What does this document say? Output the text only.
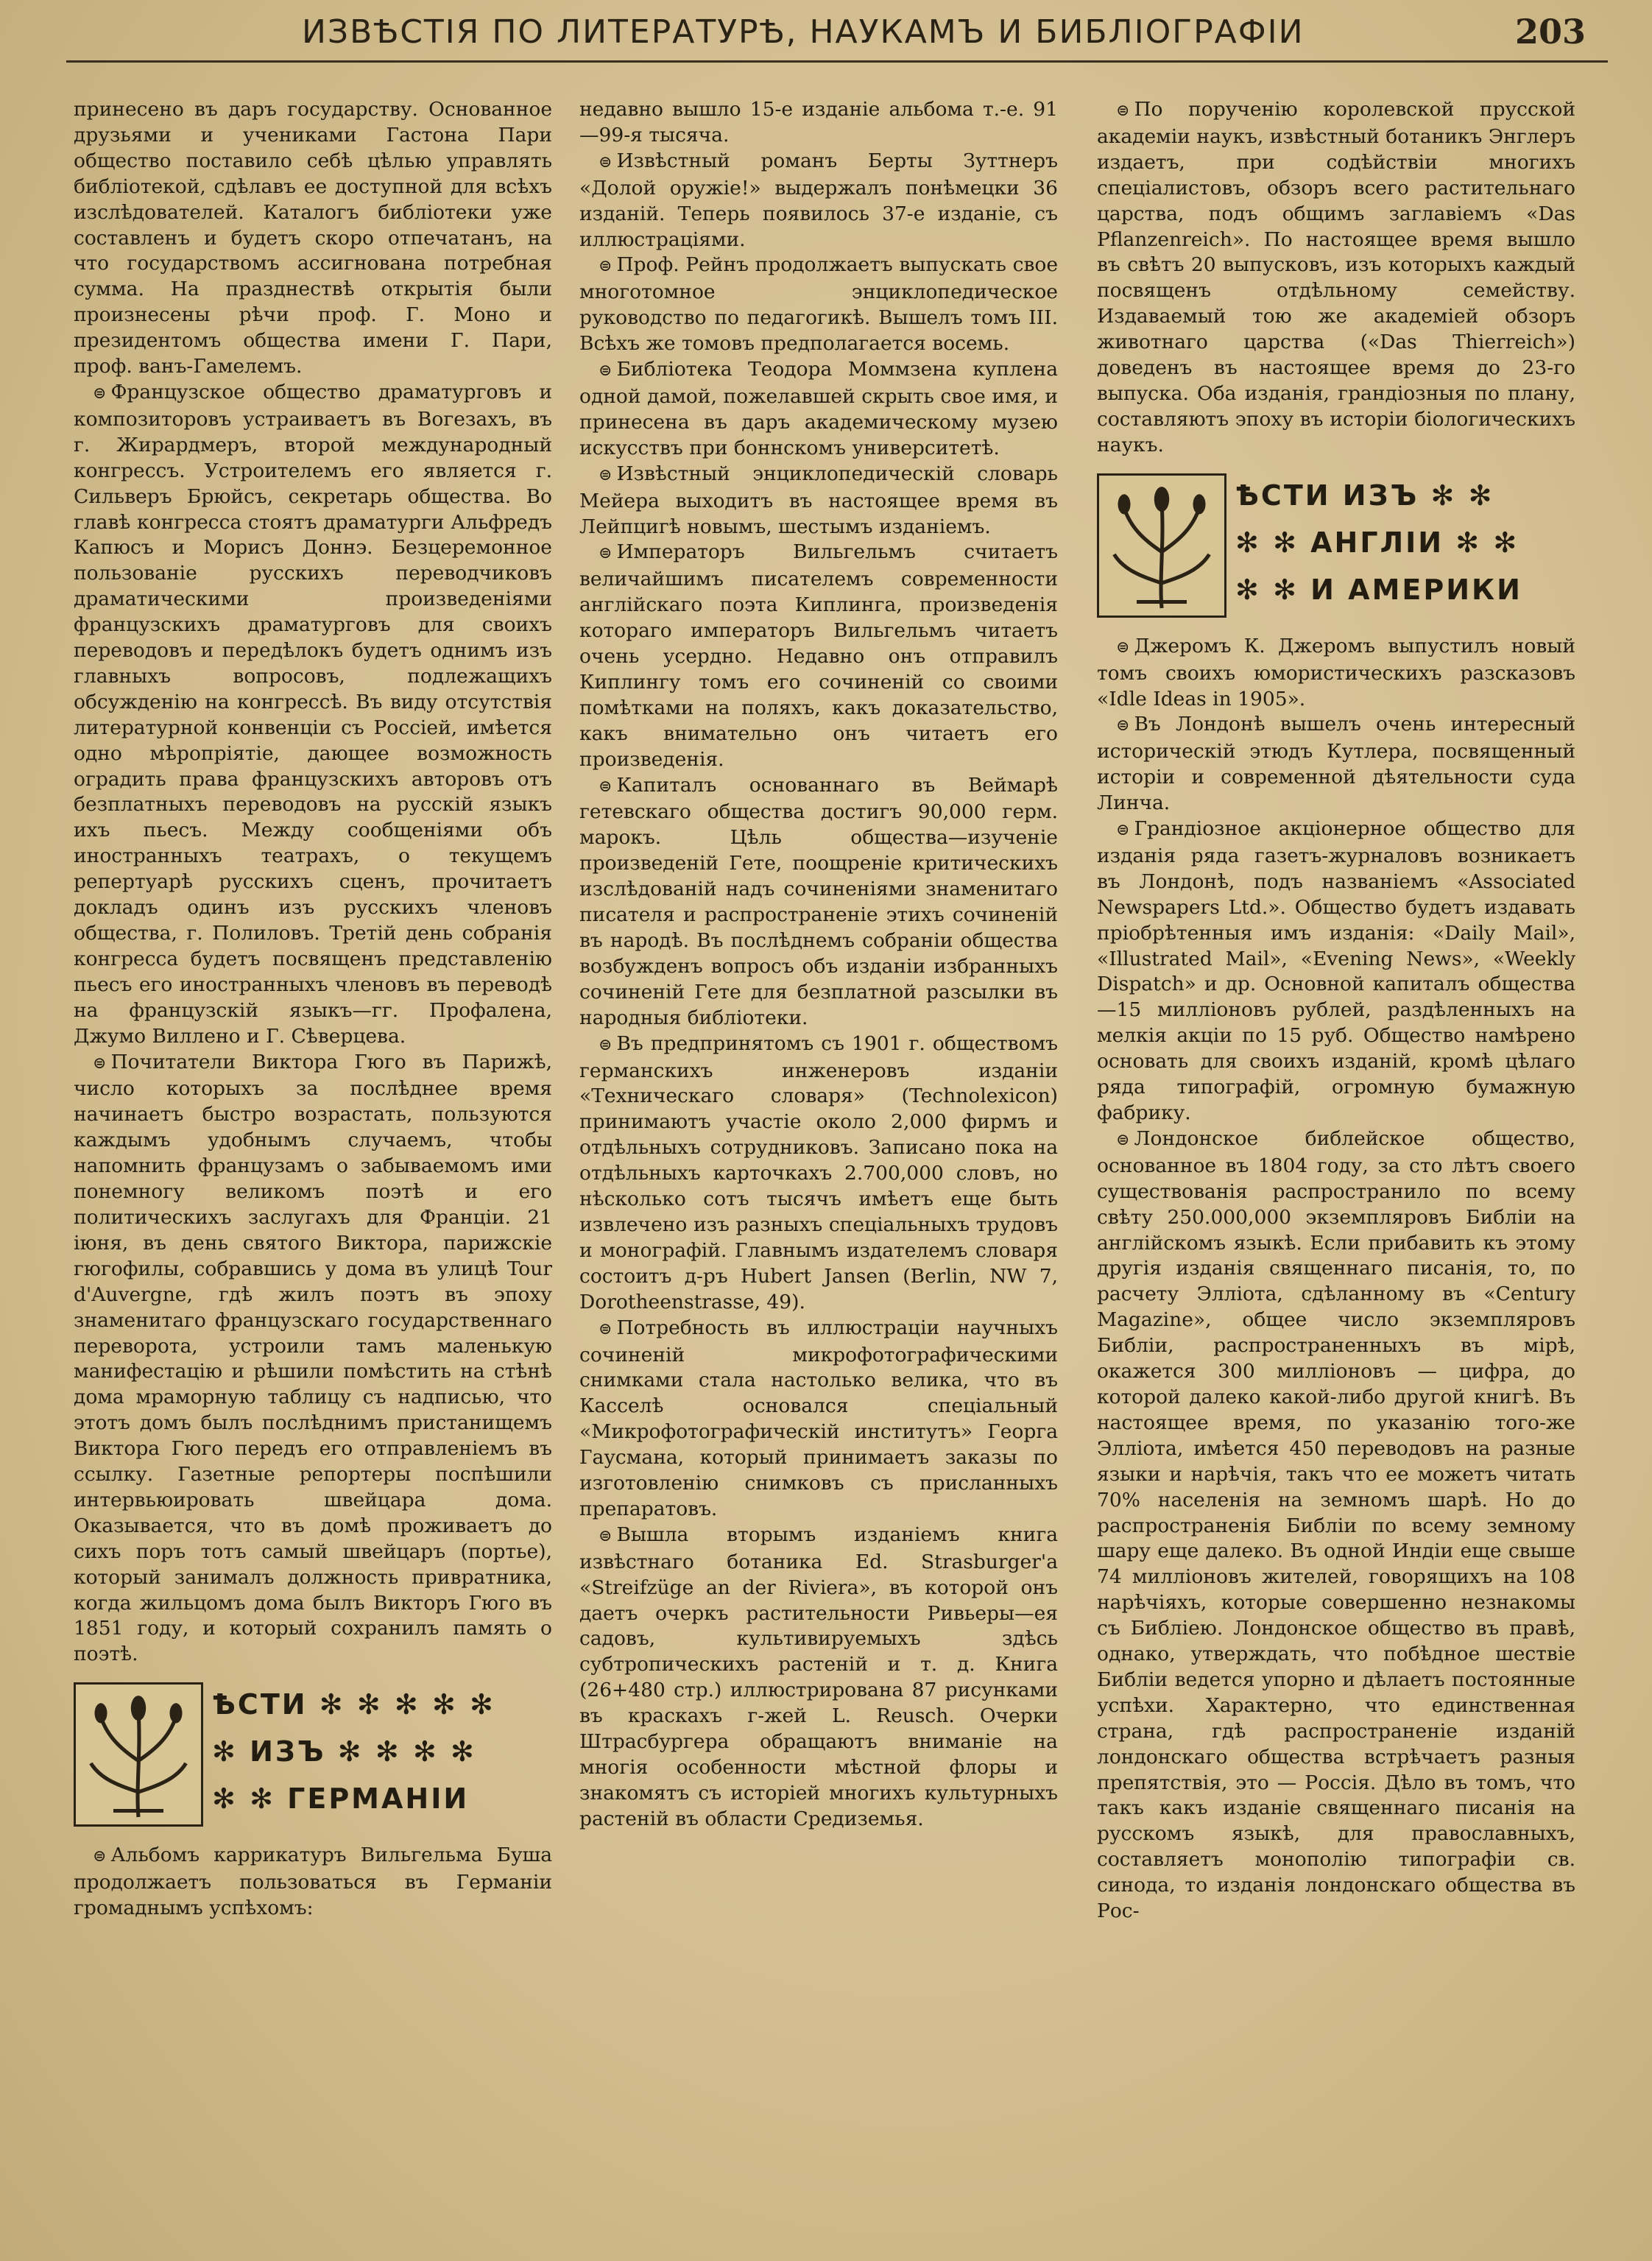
ИЗВѢСТІЯ ПО ЛИТЕРАТУРѢ, НАУКАМЪ И БИБЛІОГРАФІИ	203

принесено въ даръ государству. Основанное друзьями и учениками Гастона Пари общество поставило себѣ цѣлью управлять библіотекой, сдѣлавъ ее доступной для всѣхъ изслѣдователей. Каталогъ библіотеки уже составленъ и будетъ скоро отпечатанъ, на что государствомъ ассигнована потребная сумма. На празднествѣ открытія были произнесены рѣчи проф. Г. Моно и президентомъ общества имени Г. Пари, проф. ванъ-Гамелемъ.

⊜ Французское общество драматурговъ и композиторовъ устраиваетъ въ Вогезахъ, въ г. Жирардмеръ, второй международный конгрессъ. Устроителемъ его является г. Сильверъ Брюйсъ, секретарь общества. Во главѣ конгресса стоятъ драматурги Альфредъ Капюсъ и Морисъ Доннэ. Безцеремонное пользованіе русскихъ переводчиковъ драматическими произведеніями французскихъ драматурговъ для своихъ переводовъ и передѣлокъ будетъ однимъ изъ главныхъ вопросовъ, подлежащихъ обсужденію на конгрессѣ. Въ виду отсутствія литературной конвенціи съ Россіей, имѣется одно мѣропріятіе, дающее возможность оградить права французскихъ авторовъ отъ безплатныхъ переводовъ на русскій языкъ ихъ пьесъ. Между сообщеніями объ иностранныхъ театрахъ, о текущемъ репертуарѣ русскихъ сценъ, прочитаетъ докладъ одинъ изъ русскихъ членовъ общества, г. Полиловъ. Третій день собранія конгресса будетъ посвященъ представленію пьесъ его иностранныхъ членовъ въ переводѣ на французскій языкъ—гг. Профалена, Джумо Виллено и Г. Сѣверцева.

⊜ Почитатели Виктора Гюго въ Парижѣ, число которыхъ за послѣднее время начинаетъ быстро возрастать, пользуются каждымъ удобнымъ случаемъ, чтобы напомнить французамъ о забываемомъ ими понемногу великомъ поэтѣ и его политическихъ заслугахъ для Франціи. 21 іюня, въ день святого Виктора, парижскіе гюгофилы, собравшись у дома въ улицѣ Tour d'Auvergne, гдѣ жилъ поэтъ въ эпоху знаменитаго французскаго государственнаго переворота, устроили тамъ маленькую манифестацію и рѣшили помѣстить на стѣнѣ дома мраморную таблицу съ надписью, что этотъ домъ былъ послѣднимъ пристанищемъ Виктора Гюго передъ его отправленіемъ въ ссылку. Газетные репортеры поспѣшили интервьюировать швейцара дома. Оказывается, что въ домѣ проживаетъ до сихъ поръ тотъ самый швейцаръ (портье), который занималъ должность привратника, когда жильцомъ дома былъ Викторъ Гюго въ 1851 году, и который сохранилъ память о поэтѣ.

ѢСТИ ✻ ✻ ✻ ✻ ✻
✻ ИЗЪ ✻ ✻ ✻ ✻
✻ ✻ ГЕРМАНІИ

⊜ Альбомъ каррикатуръ Вильгельма Буша продолжаетъ пользоваться въ Германіи громаднымъ успѣхомъ:

недавно вышло 15-е изданіе альбома т.-е. 91—99-я тысяча.

⊜ Извѣстный романъ Берты Зуттнеръ «Долой оружіе!» выдержалъ понѣмецки 36 изданій. Теперь появилось 37-е изданіе, съ иллюстраціями.

⊜ Проф. Рейнъ продолжаетъ выпускать свое многотомное энциклопедическое руководство по педагогикѣ. Вышелъ томъ III. Всѣхъ же томовъ предполагается восемь.

⊜ Библіотека Теодора Моммзена куплена одной дамой, пожелавшей скрыть свое имя, и принесена въ даръ академическому музею искусствъ при боннскомъ университетѣ.

⊜ Извѣстный энциклопедическій словарь Мейера выходитъ въ настоящее время въ Лейпцигѣ новымъ, шестымъ изданіемъ.

⊜ Императоръ Вильгельмъ считаетъ величайшимъ писателемъ современности англійскаго поэта Киплинга, произведенія котораго императоръ Вильгельмъ читаетъ очень усердно. Недавно онъ отправилъ Киплингу томъ его сочиненій со своими помѣтками на поляхъ, какъ доказательство, какъ внимательно онъ читаетъ его произведенія.

⊜ Капиталъ основаннаго въ Веймарѣ гетевскаго общества достигъ 90,000 герм. марокъ. Цѣль общества—изученіе произведеній Гете, поощреніе критическихъ изслѣдованій надъ сочиненіями знаменитаго писателя и распространеніе этихъ сочиненій въ народѣ. Въ послѣднемъ собраніи общества возбужденъ вопросъ объ изданіи избранныхъ сочиненій Гете для безплатной разсылки въ народныя библіотеки.

⊜ Въ предпринятомъ съ 1901 г. обществомъ германскихъ инженеровъ изданіи «Техническаго словаря» (Technolexicon) принимаютъ участіе около 2,000 фирмъ и отдѣльныхъ сотрудниковъ. Записано пока на отдѣльныхъ карточкахъ 2.700,000 словъ, но нѣсколько сотъ тысячъ имѣетъ еще быть извлечено изъ разныхъ спеціальныхъ трудовъ и монографій. Главнымъ издателемъ словаря состоитъ д-ръ Hubert Jansen (Berlin, NW 7, Dorotheenstrasse, 49).

⊜ Потребность въ иллюстраціи научныхъ сочиненій микрофотографическими снимками стала настолько велика, что въ Касселѣ основался спеціальный «Микрофотографическій институтъ» Георга Гаусмана, который принимаетъ заказы по изготовленію снимковъ съ присланныхъ препаратовъ.

⊜ Вышла вторымъ изданіемъ книга извѣстнаго ботаника Ed. Strasburger'а «Streifzüge an der Riviera», въ которой онъ даетъ очеркъ растительности Ривьеры—ея садовъ, культивируемыхъ здѣсь субтропическихъ растеній и т. д. Книга (26+480 стр.) иллюстрирована 87 рисунками въ краскахъ г-жей L. Reusch. Очерки Штрасбургера обращаютъ вниманіе на многія особенности мѣстной флоры и знакомятъ съ исторіей многихъ культурныхъ растеній въ области Средиземья.

⊜ По порученію королевской прусской академіи наукъ, извѣстный ботаникъ Энглеръ издаетъ, при содѣйствіи многихъ спеціалистовъ, обзоръ всего растительнаго царства, подъ общимъ заглавіемъ «Das Pflanzenreich». По настоящее время вышло въ свѣтъ 20 выпусковъ, изъ которыхъ каждый посвященъ отдѣльному семейству. Издаваемый тою же академіей обзоръ животнаго царства («Das Thierreich») доведенъ въ настоящее время до 23-го выпуска. Оба изданія, грандіозныя по плану, составляютъ эпоху въ исторіи біологическихъ наукъ.

ѢСТИ ИЗЪ ✻ ✻
✻ ✻ АНГЛІИ ✻ ✻
✻ ✻ И АМЕРИКИ

⊜ Джеромъ К. Джеромъ выпустилъ новый томъ своихъ юмористическихъ разсказовъ «Idle Ideas in 1905».

⊜ Въ Лондонѣ вышелъ очень интересный историческій этюдъ Кутлера, посвященный исторіи и современной дѣятельности суда Линча.

⊜ Грандіозное акціонерное общество для изданія ряда газетъ-журналовъ возникаетъ въ Лондонѣ, подъ названіемъ «Associated Newspapers Ltd.». Общество будетъ издавать пріобрѣтенныя имъ изданія: «Daily Mail», «Illustrated Mail», «Evening News», «Weekly Dispatch» и др. Основной капиталъ общества—15 милліоновъ рублей, раздѣленныхъ на мелкія акціи по 15 руб. Общество намѣрено основать для своихъ изданій, кромѣ цѣлаго ряда типографій, огромную бумажную фабрику.

⊜ Лондонское библейское общество, основанное въ 1804 году, за сто лѣтъ своего существованія распространило по всему свѣту 250.000,000 экземпляровъ Библіи на англійскомъ языкѣ. Если прибавить къ этому другія изданія священнаго писанія, то, по расчету Элліота, сдѣланному въ «Century Magazine», общее число экземпляровъ Библіи, распространенныхъ въ мірѣ, окажется 300 милліоновъ — цифра, до которой далеко какой-либо другой книгѣ. Въ настоящее время, по указанію того-же Элліота, имѣется 450 переводовъ на разные языки и нарѣчія, такъ что ее можетъ читать 70% населенія на земномъ шарѣ. Но до распространенія Библіи по всему земному шару еще далеко. Въ одной Индіи еще свыше 74 милліоновъ жителей, говорящихъ на 108 нарѣчіяхъ, которые совершенно незнакомы съ Библіею. Лондонское общество въ правѣ, однако, утверждать, что побѣдное шествіе Библіи ведется упорно и дѣлаетъ постоянные успѣхи. Характерно, что единственная страна, гдѣ распространеніе изданій лондонскаго общества встрѣчаетъ разныя препятствія, это — Россія. Дѣло въ томъ, что такъ какъ изданіе священнаго писанія на русскомъ языкѣ, для православныхъ, составляетъ монополію типографіи св. синода, то изданія лондонскаго общества въ Рос-
